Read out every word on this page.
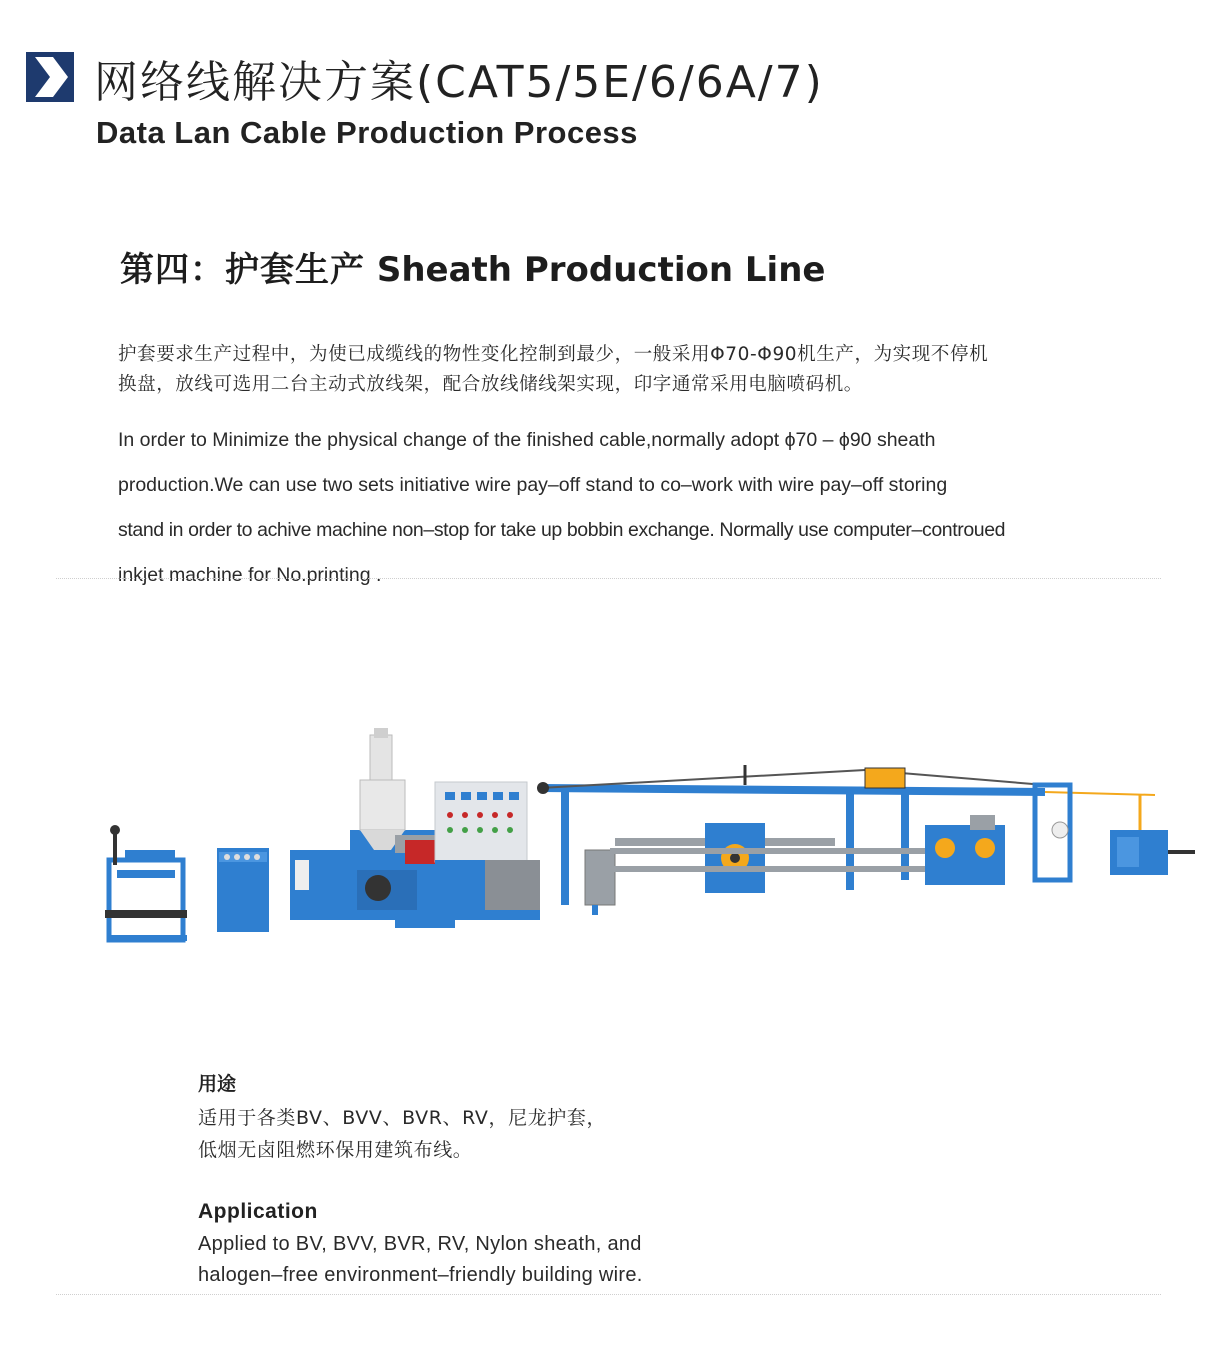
网络线解决方案(CAT5/5E/6/6A/7)
Data Lan Cable Production Process
第四：护套生产 Sheath Production Line
护套要求生产过程中，为使已成缆线的物性变化控制到最少，一般采用Φ70-Φ90机生产，为实现不停机
换盘，放线可选用二台主动式放线架，配合放线储线架实现，印字通常采用电脑喷码机。
In order to Minimize the physical change of the finished cable,normally adopt ϕ70 – ϕ90 sheath
production.We can use two sets initiative wire pay–off stand to co–work with wire pay–off storing
stand in order to achive machine non–stop for take up bobbin exchange. Normally use computer–controued
inkjet machine for No.printing .
用途
适用于各类BV、BVV、BVR、RV，尼龙护套，
低烟无卤阻燃环保用建筑布线。
Application
Applied to BV, BVV, BVR, RV, Nylon sheath, and
halogen–free environment–friendly building wire.
